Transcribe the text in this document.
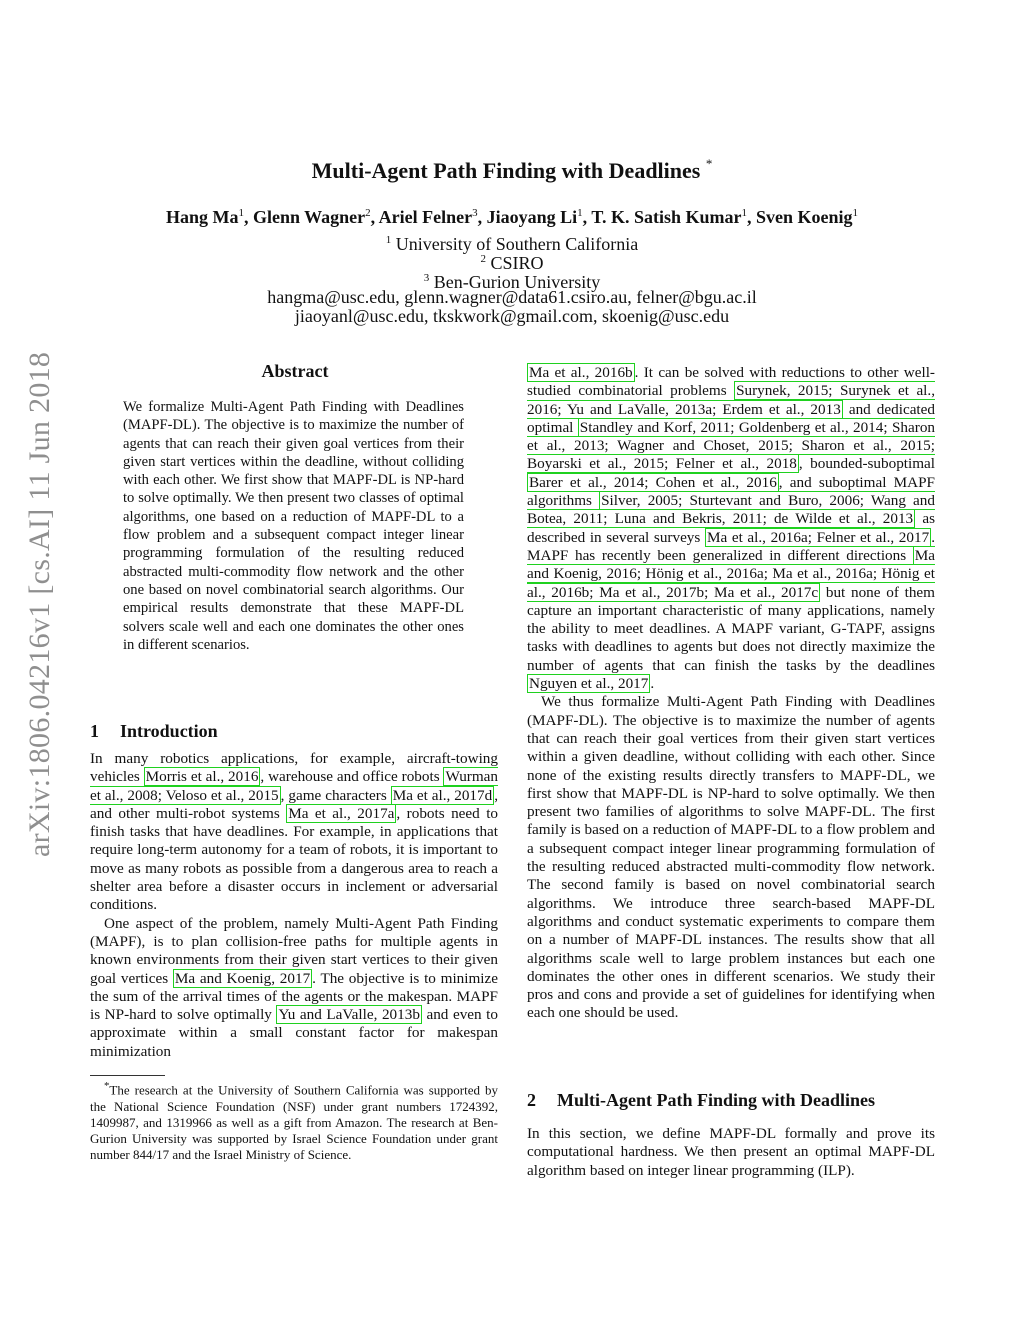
arXiv:1806.04216v1 [cs.AI] 11 Jun 2018
Multi-Agent Path Finding with Deadlines *
Hang Ma$^1$, Glenn Wagner$^2$, Ariel Felner$^3$, Jiaoyang Li$^1$, T. K. Satish Kumar$^1$, Sven Koenig$^1$
$^1$ University of Southern California
$^2$ CSIRO
$^3$ Ben-Gurion University
hangma@usc.edu, glenn.wagner@data61.csiro.au, felner@bgu.ac.il
jiaoyanl@usc.edu, tkskwork@gmail.com, skoenig@usc.edu
Abstract
We formalize Multi-Agent Path Finding with Deadlines (MAPF-DL). The objective is to maximize the number of agents that can reach their given goal vertices from their given start vertices within the deadline, without colliding with each other. We first show that MAPF-DL is NP-hard to solve optimally. We then present two classes of optimal algorithms, one based on a reduction of MAPF-DL to a flow problem and a subsequent compact integer linear programming formulation of the resulting reduced abstracted multi-commodity flow network and the other one based on novel combinatorial search algorithms. Our empirical results demonstrate that these MAPF-DL solvers scale well and each one dominates the other ones in different scenarios.
1 Introduction

In many robotics applications, for example, aircraft-towing vehicles Morris et al., 2016 , warehouse and office robots Wurman et al., 2008; Veloso et al., 2015 , game characters Ma et al., 2017d , and other multi-robot systems Ma et al., 2017a , robots need to finish tasks that have deadlines. For example, in applications that require long-term autonomy for a team of robots, it is important to move as many robots as possible from a dangerous area to reach a shelter area before a disaster occurs in inclement or adversarial conditions.

One aspect of the problem, namely Multi-Agent Path Finding (MAPF), is to plan collision-free paths for multiple agents in known environments from their given start vertices to their given goal vertices Ma and Koenig, 2017 . The objective is to minimize the sum of the arrival times of the agents or the makespan. MAPF is NP-hard to solve optimally Yu and LaValle, 2013b and even to approximate within a small constant factor for makespan minimization

*The research at the University of Southern California was supported by the National Science Foundation (NSF) under grant numbers 1724392, 1409987, and 1319966 as well as a gift from Amazon. The research at Ben-Gurion University was supported by Israel Science Foundation under grant number 844/17 and the Israel Ministry of Science.

Ma et al., 2016b . It can be solved with reductions to other well-studied combinatorial problems Surynek, 2015; Surynek et al., 2016; Yu and LaValle, 2013a; Erdem et al., 2013 and dedicated optimal Standley and Korf, 2011; Goldenberg et al., 2014; Sharon et al., 2013; Wagner and Choset, 2015; Sharon et al., 2015; Boyarski et al., 2015; Felner et al., 2018 , bounded-suboptimal Barer et al., 2014; Cohen et al., 2016 , and suboptimal MAPF algorithms Silver, 2005; Sturtevant and Buro, 2006; Wang and Botea, 2011; Luna and Bekris, 2011; de Wilde et al., 2013 as described in several surveys Ma et al., 2016a; Felner et al., 2017 . MAPF has recently been generalized in different directions Ma and Koenig, 2016; Hönig et al., 2016a; Ma et al., 2016a; Hönig et al., 2016b; Ma et al., 2017b; Ma et al., 2017c but none of them capture an important characteristic of many applications, namely the ability to meet deadlines. A MAPF variant, G-TAPF, assigns tasks with deadlines to agents but does not directly maximize the number of agents that can finish the tasks by the deadlines Nguyen et al., 2017 .

We thus formalize Multi-Agent Path Finding with Deadlines (MAPF-DL). The objective is to maximize the number of agents that can reach their goal vertices from their given start vertices within a given deadline, without colliding with each other. Since none of the existing results directly transfers to MAPF-DL, we first show that MAPF-DL is NP-hard to solve optimally. We then present two families of algorithms to solve MAPF-DL. The first family is based on a reduction of MAPF-DL to a flow problem and a subsequent compact integer linear programming formulation of the resulting reduced abstracted multi-commodity flow network. The second family is based on novel combinatorial search algorithms. We introduce three search-based MAPF-DL algorithms and conduct systematic experiments to compare them on a number of MAPF-DL instances. The results show that all algorithms scale well to large problem instances but each one dominates the other ones in different scenarios. We study their pros and cons and provide a set of guidelines for identifying when each one should be used.

2 Multi-Agent Path Finding with Deadlines
In this section, we define MAPF-DL formally and prove its computational hardness. We then present an optimal MAPF-DL algorithm based on integer linear programming (ILP).
